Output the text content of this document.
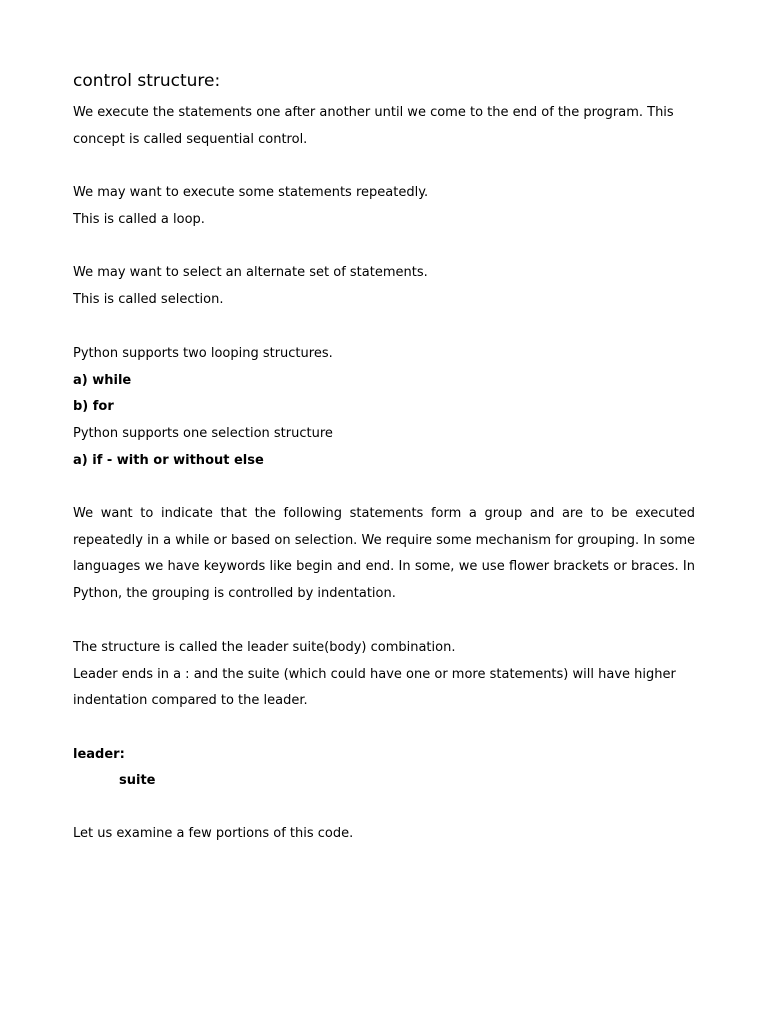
control structure:
We execute the statements one after another until we come to the end of the program. This
concept is called sequential control.
We may want to execute some statements repeatedly.
This is called a loop.
We may want to select an alternate set of statements.
This is called selection.
Python supports two looping structures.
a) while
b) for
Python supports one selection structure
a) if - with or without else
We want to indicate that the following statements form a group and are to be executed
repeatedly in a while or based on selection. We require some mechanism for grouping. In some
languages we have keywords like begin and end. In some, we use flower brackets or braces. In
Python, the grouping is controlled by indentation.
The structure is called the leader suite(body) combination.
Leader ends in a : and the suite (which could have one or more statements) will have higher
indentation compared to the leader.
leader:
suite
Let us examine a few portions of this code.
